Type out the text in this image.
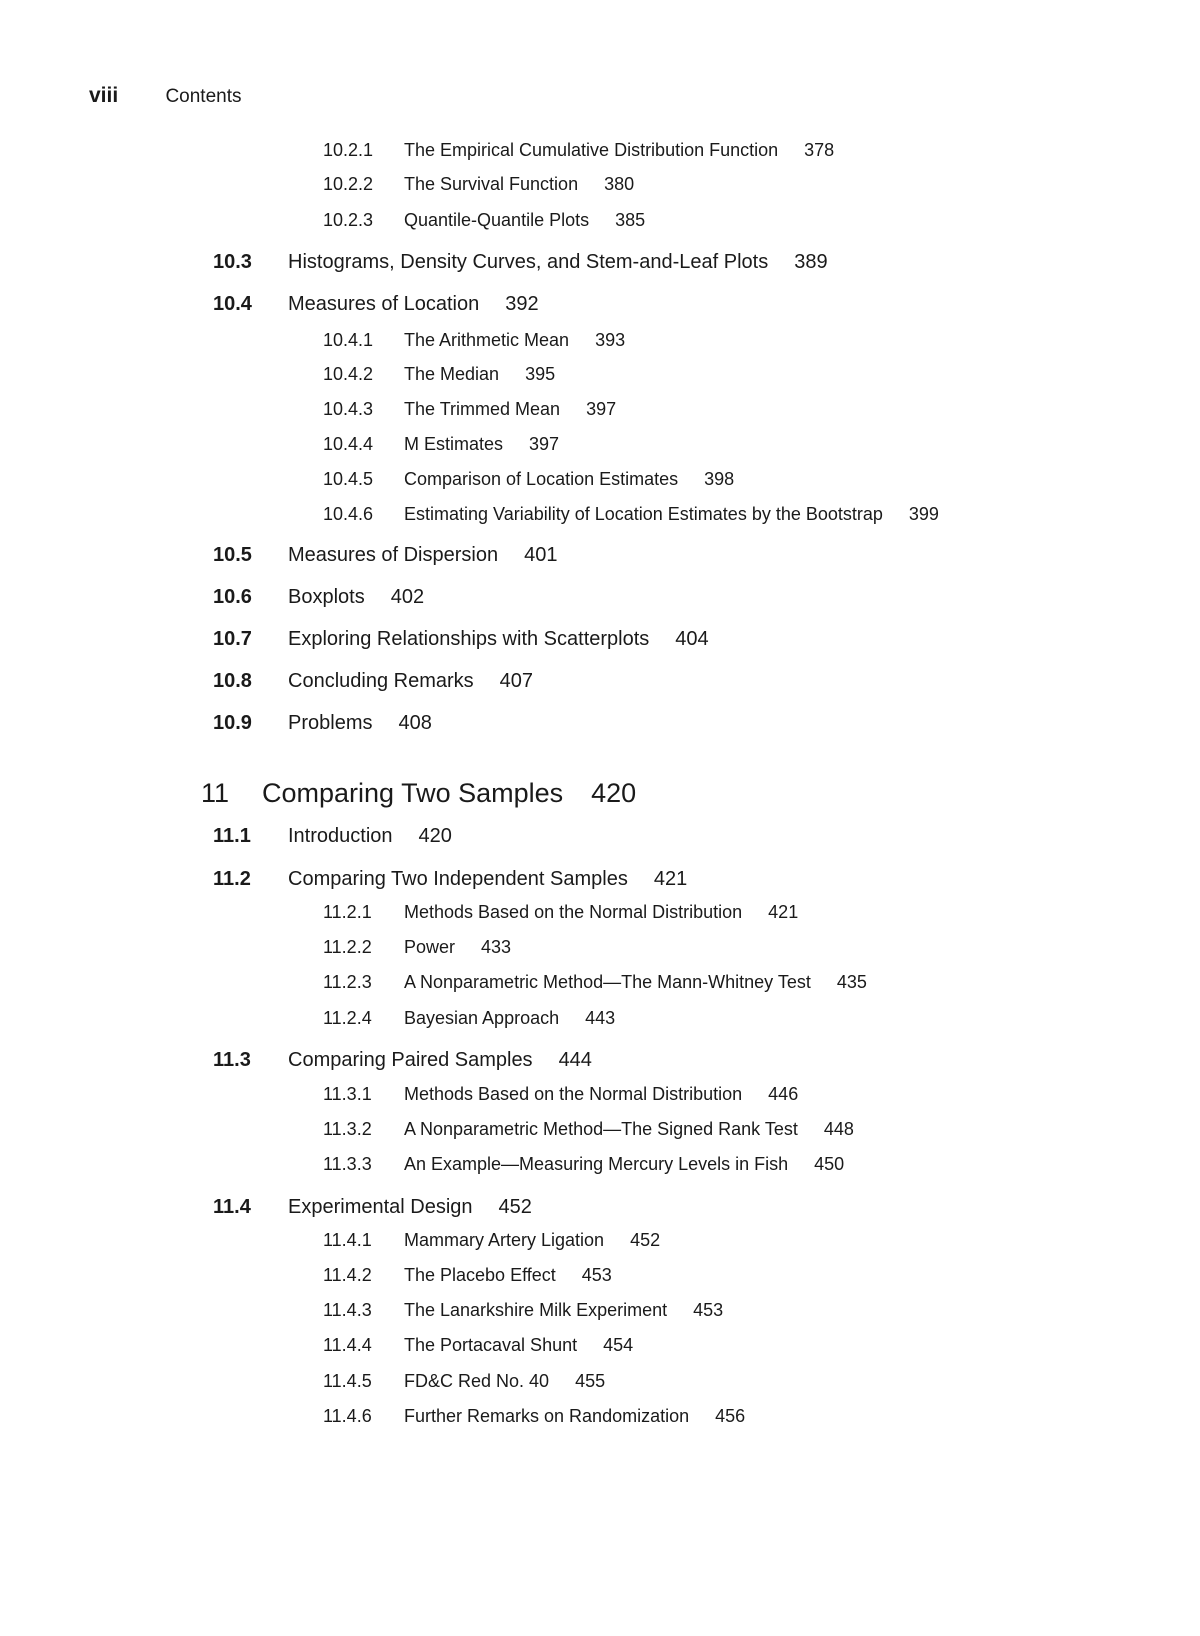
viii Contents
10.2.1 The Empirical Cumulative Distribution Function 378
10.2.2 The Survival Function 380
10.2.3 Quantile-Quantile Plots 385
10.3 Histograms, Density Curves, and Stem-and-Leaf Plots 389
10.4 Measures of Location 392
10.4.1 The Arithmetic Mean 393
10.4.2 The Median 395
10.4.3 The Trimmed Mean 397
10.4.4 M Estimates 397
10.4.5 Comparison of Location Estimates 398
10.4.6 Estimating Variability of Location Estimates by the Bootstrap 399
10.5 Measures of Dispersion 401
10.6 Boxplots 402
10.7 Exploring Relationships with Scatterplots 404
10.8 Concluding Remarks 407
10.9 Problems 408
11 Comparing Two Samples 420
11.1 Introduction 420
11.2 Comparing Two Independent Samples 421
11.2.1 Methods Based on the Normal Distribution 421
11.2.2 Power 433
11.2.3 A Nonparametric Method—The Mann-Whitney Test 435
11.2.4 Bayesian Approach 443
11.3 Comparing Paired Samples 444
11.3.1 Methods Based on the Normal Distribution 446
11.3.2 A Nonparametric Method—The Signed Rank Test 448
11.3.3 An Example—Measuring Mercury Levels in Fish 450
11.4 Experimental Design 452
11.4.1 Mammary Artery Ligation 452
11.4.2 The Placebo Effect 453
11.4.3 The Lanarkshire Milk Experiment 453
11.4.4 The Portacaval Shunt 454
11.4.5 FD&C Red No. 40 455
11.4.6 Further Remarks on Randomization 456
